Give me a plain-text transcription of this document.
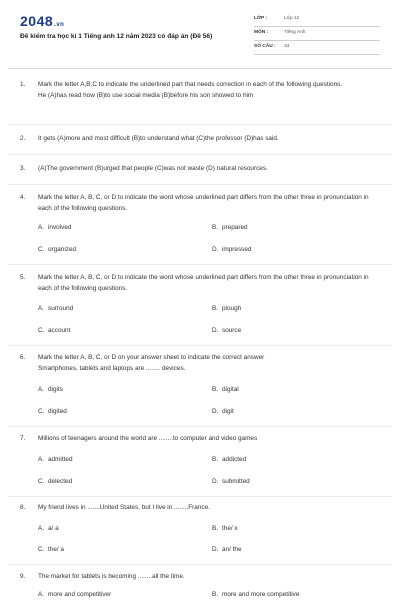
2048.vn
Đề kiểm tra học kì 1 Tiếng anh 12 năm 2023 có đáp án (Đề 56)
LỚP :	Lớp 12
MÔN :	Tiếng Anh
SỐ CÂU : 34
1. Mark the letter A,B,C to indicate the underlined part that needs correction in each of the following questions.
He (A)has read how (B)to use social media (B)before his son showed to him
2. It gets (A)more and most difficult (B)to understand what (C)the professor (D)has said.
3. (A)The government (B)urged that people (C)was not waste (D) natural resources.
4. Mark the letter A, B, C, or D to indicate the word whose underlined part differs from the other three in pronunciation in each of the following questions.
A. involved	B. prepared
C. organized	D. impressed
5. Mark the letter A, B, C, or D to indicate the word whose underlined part differs from the other three in pronunciation in each of the following questions.
A. surround	B. plough
C. account	D. source
6. Mark the letter A, B, C, or D on your answer sheet to indicate the correct answer
Smartphones, tablets and laptops are ........ devices.
A. digits	B. digital
C. digited	D. digit
7. Millions of teenagers around the world are ........to computer and video games
A. admitted	B. addicted
C. delected	D. submitted
8. My friend lives in .......United States, but I live in ........France.
A. a/ a	B. the/ x
C. the/ a	D. an/ the
9. The market for tablets is becoming ........all the time.
A. more and competitiver	B. more and more competitive
